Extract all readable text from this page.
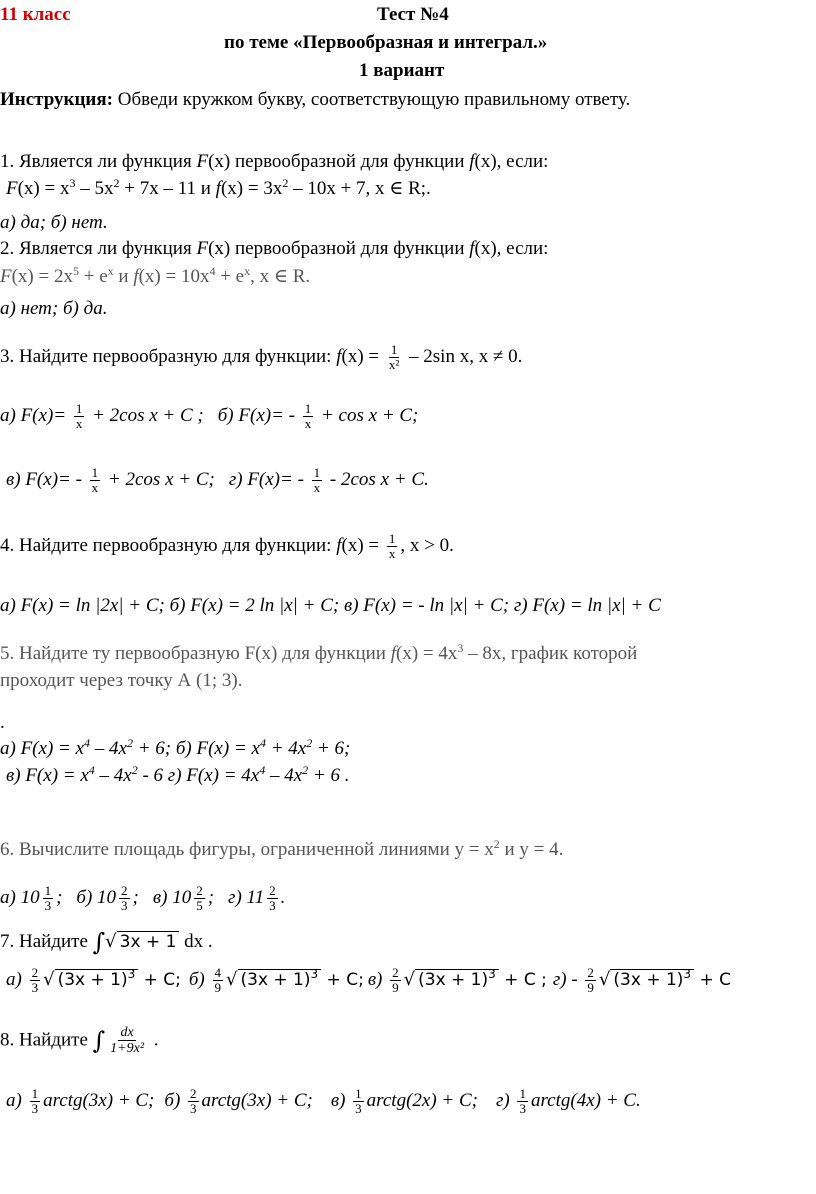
11 класс	Тест №4
по теме «Первообразная и интеграл.»
1 вариант
Инструкция: Обведи кружком букву, соответствующую правильному ответу.
1. Является ли функция F(x) первообразной для функции f(x), если:
$F(x) = x^3 - 5x^2 + 7x - 11$ и $f(x) = 3x^2 - 10x + 7$, x ∈ R;.
а) да; б) нет.
2. Является ли функция F(x) первообразной для функции f(x), если:
$F(x) = 2x^5 + e^x$ и $f(x) = 10x^4 + e^x$, x ∈ R.
а) нет; б) да.
3. Найдите первообразную для функции: $f(x) = \frac{1}{\text{x²}} - 2\sin$ x, x ≠ 0.
а) $F(x)= \frac{1}{x} + 2\cos$ x + C ; б) $F(x)= - \frac{1}{x} + \cos x + C$;
в) $F(x)= - \frac{1}{x} + 2\cos$ x + C; г) $F(x)= - \frac{1}{x} - 2\cos$ x + C.
4. Найдите первообразную для функции: $f(x) = \frac{1}{x}$ , x > 0.
а) F(x) = ln |2x| + C; б) F(x) = 2 ln |x| + C; в) F(x) = - ln |x| + C; г) F(x) = ln |x| + C
5. Найдите ту первообразную F(x) для функции $f(x) = 4x^3 - 8x$, график которой
проходит через точку А (1; 3).
.
а) $F(x) = x^4 - 4x^2 + 6$; б) $F(x) = x^4 + 4x^2 + 6$;
в) $F(x) = x^4 - 4x^2 - 6$ г) $F(x) = 4x^4 - 4x^2 + 6$ .
6. Вычислите площадь фигуры, ограниченной линиями $y = x^2$ и y = 4.
а) $10 \frac{1}{3}$ ; б) $10 \frac{2}{3}$ ; в) $10 \frac{2}{5}$ ; г) $11 \frac{2}{3}$ .
7. Найдите ∫√ 3x + 1 dx .
$а) \frac{2}{3}$ √ $(3x + 1)^3 + C$; $б) \frac{4}{9}$ √ $(3x + 1)^3 + C$; $в) \frac{2}{9}$ √ $(3x + 1)^3 + C$ ; $г) - \frac{2}{9}$ √ $(3x + 1)^3 + C$
8. Найдите ∫ $\frac{dx}{\text{1+9x²}}$ .
$а) \frac{1}{3}$ arctg(3x) + C; $б) \frac{2}{3}$ arctg(3x) + C; $в) \frac{1}{3}$ arctg(2x) + C; $г) \frac{1}{3}$ arctg(4x) + C.
